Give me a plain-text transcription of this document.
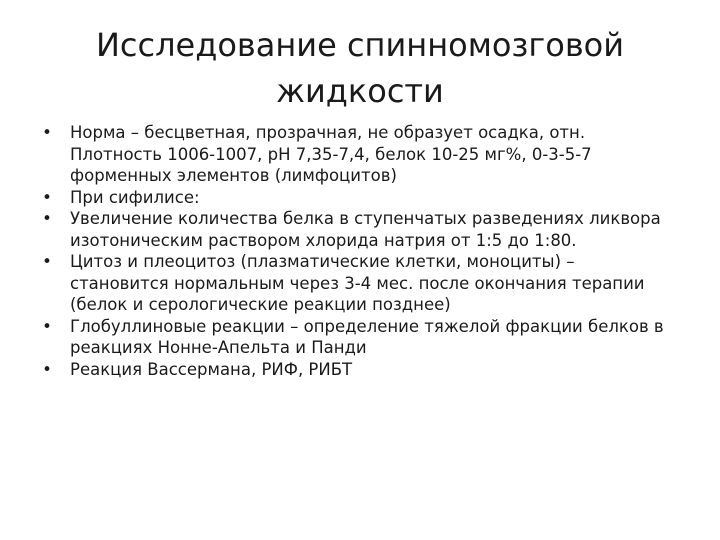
Исследование спинномозговой жидкости
• Норма – бесцветная, прозрачная, не образует осадка, отн. Плотность 1006-1007, рН 7,35-7,4, белок 10-25 мг%, 0-3-5-7 форменных элементов (лимфоцитов)
• При сифилисе:
• Увеличение количества белка в ступенчатых разведениях ликвора изотоническим раствором хлорида натрия от 1:5 до 1:80.
• Цитоз и плеоцитоз (плазматические клетки, моноциты) – становится нормальным через 3-4 мес. после окончания терапии (белок и серологические реакции позднее)
• Глобуллиновые реакции – определение тяжелой фракции белков в реакциях Нонне-Апельта и Панди
• Реакция Вассермана, РИФ, РИБТ
